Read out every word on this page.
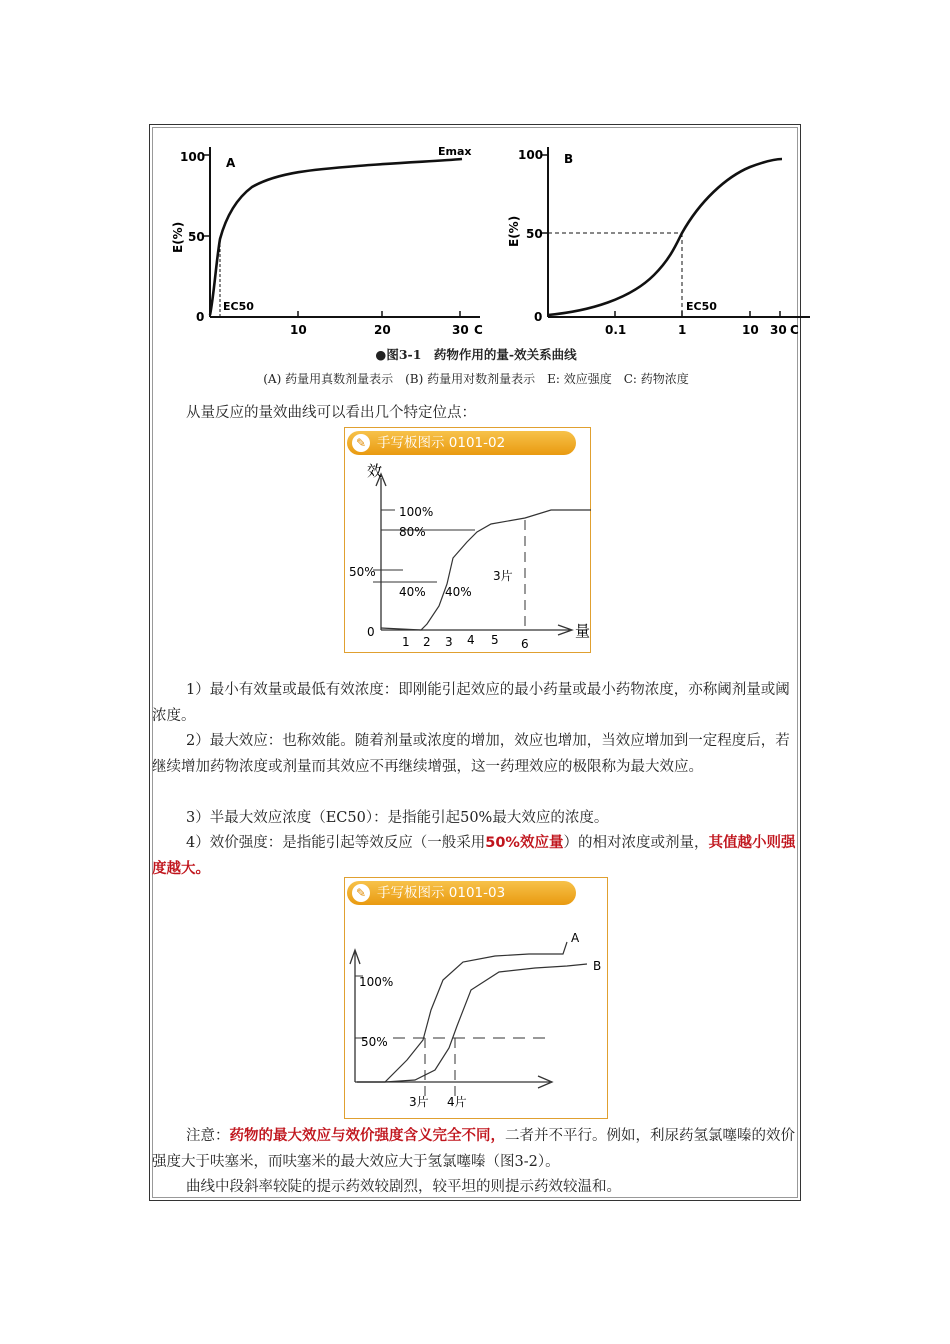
100
50
0
E(%)
A
Emax
10	20	30 C
EC50
100
50
0
E(%)
B
0.1	1	10 30 C
EC50
●图3-1　药物作用的量-效关系曲线
(A) 药量用真数剂量表示　(B) 药量用对数剂量表示　E: 效应强度　C: 药物浓度
从量反应的量效曲线可以看出几个特定位点：
✎ 手写板图示 0101-02
效
量
0
100%
80%
50%
40% 40%
3片
1 2 3 4 5 6
1）最小有效量或最低有效浓度：即刚能引起效应的最小药量或最小药物浓度，亦称阈剂量或阈浓度。
2）最大效应：也称效能。随着剂量或浓度的增加，效应也增加，当效应增加到一定程度后，若继续增加药物浓度或剂量而其效应不再继续增强，这一药理效应的极限称为最大效应。
3）半最大效应浓度（EC50）：是指能引起50%最大效应的浓度。
4）效价强度：是指能引起等效反应（一般采用50%效应量）的相对浓度或剂量，其值越小则强度越大。
✎ 手写板图示 0101-03
100%
50%
A
B
3片 4片
注意：药物的最大效应与效价强度含义完全不同，二者并不平行。例如，利尿药氢氯噻嗪的效价强度大于呋塞米，而呋塞米的最大效应大于氢氯噻嗪（图3-2）。
曲线中段斜率较陡的提示药效较剧烈，较平坦的则提示药效较温和。
